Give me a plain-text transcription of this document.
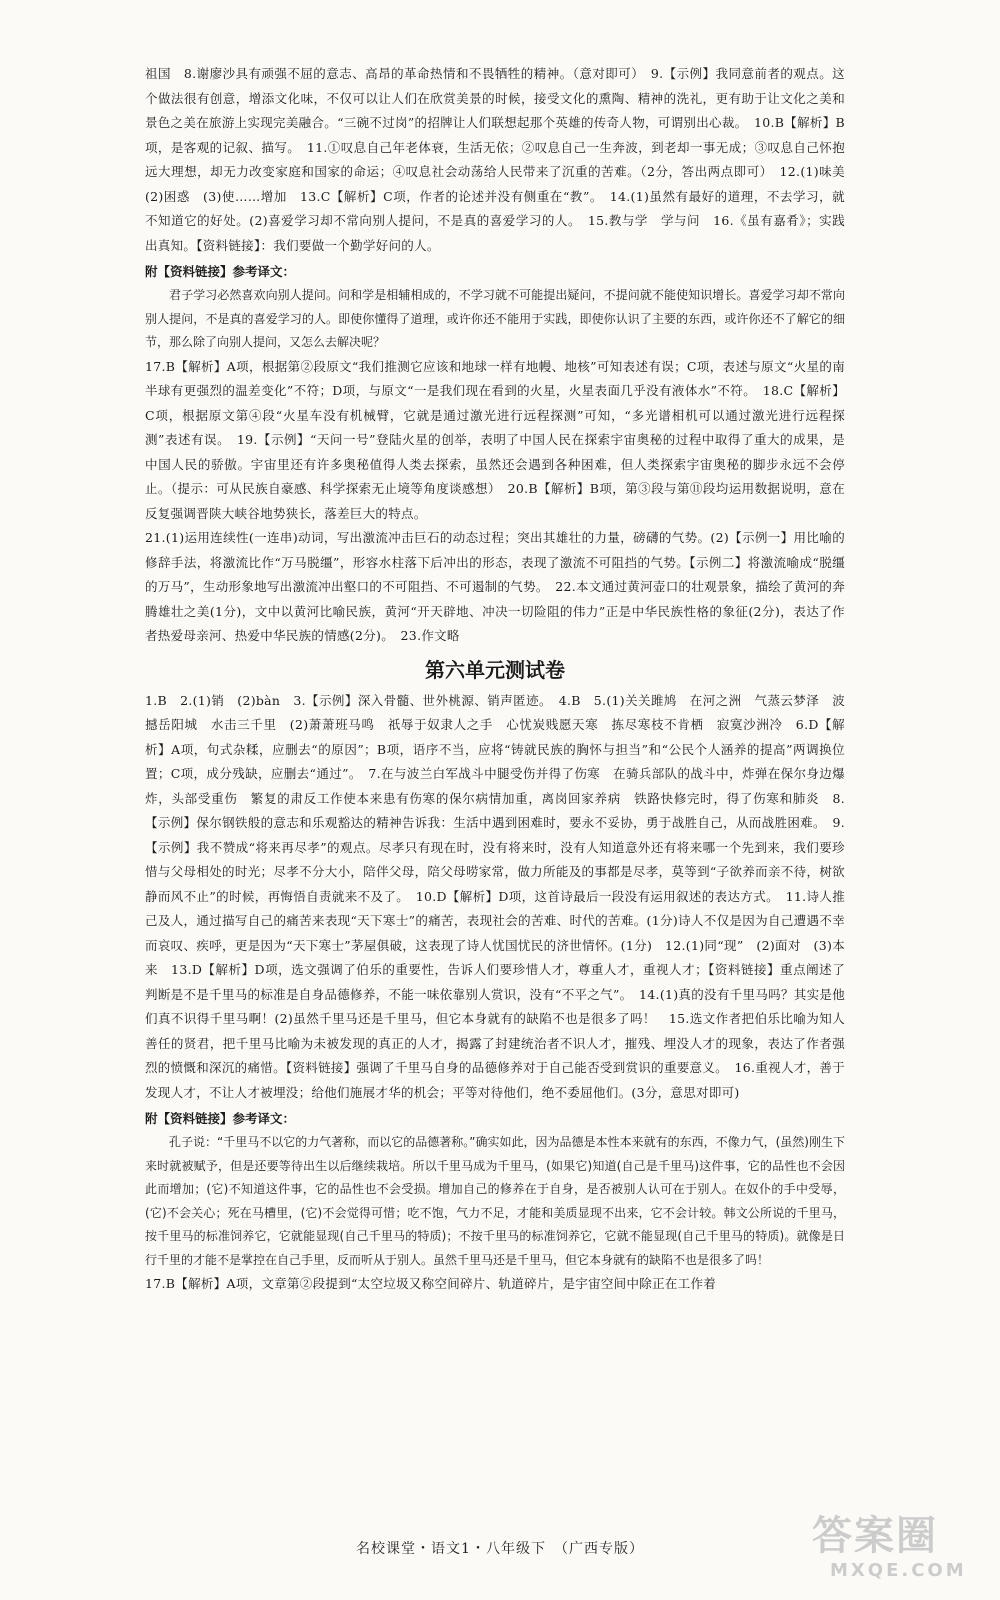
祖国　8.谢廖沙具有顽强不屈的意志、高昂的革命热情和不畏牺牲的精神。（意对即可）　9.【示例】我同意前者的观点。这个做法很有创意，增添文化味，不仅可以让人们在欣赏美景的时候，接受文化的熏陶、精神的洗礼，更有助于让文化之美和景色之美在旅游上实现完美融合。“三碗不过岗”的招牌让人们联想起那个英雄的传奇人物，可谓别出心裁。　10.B【解析】B项，是客观的记叙、描写。　11.①叹息自己年老体衰，生活无依；②叹息自己一生奔波，到老却一事无成；③叹息自己怀抱远大理想，却无力改变家庭和国家的命运；④叹息社会动荡给人民带来了沉重的苦难。（2分，答出两点即可）　12.(1)味美　(2)困惑　(3)使……增加　13.C【解析】C项，作者的论述并没有侧重在“教”。　14.(1)虽然有最好的道理，不去学习，就不知道它的好处。(2)喜爱学习却不常向别人提问，不是真的喜爱学习的人。　15.教与学　学与问　16.《虽有嘉肴》；实践出真知。【资料链接】：我们要做一个勤学好问的人。

附【资料链接】参考译文：

君子学习必然喜欢向别人提问。问和学是相辅相成的，不学习就不可能提出疑问，不提问就不能使知识增长。喜爱学习却不常向别人提问，不是真的喜爱学习的人。即使你懂得了道理，或许你还不能用于实践，即使你认识了主要的东西，或许你还不了解它的细节，那么除了向别人提问，又怎么去解决呢？

17.B【解析】A项，根据第②段原文“我们推测它应该和地球一样有地幔、地核”可知表述有误；C项，表述与原文“火星的南半球有更强烈的温差变化”不符；D项，与原文“一是我们现在看到的火星，火星表面几乎没有液体水”不符。　18.C【解析】C项，根据原文第④段“火星车没有机械臂，它就是通过激光进行远程探测”可知，“多光谱相机可以通过激光进行远程探测”表述有误。　19.【示例】“天问一号”登陆火星的创举，表明了中国人民在探索宇宙奥秘的过程中取得了重大的成果，是中国人民的骄傲。宇宙里还有许多奥秘值得人类去探索，虽然还会遇到各种困难，但人类探索宇宙奥秘的脚步永远不会停止。（提示：可从民族自豪感、科学探索无止境等角度谈感想）　20.B【解析】B项，第③段与第⑪段均运用数据说明，意在反复强调晋陕大峡谷地势狭长，落差巨大的特点。

21.(1)运用连续性(一连串)动词，写出激流冲击巨石的动态过程；突出其雄壮的力量，磅礴的气势。(2)【示例一】用比喻的修辞手法，将激流比作“万马脱缰”，形容水柱落下后冲出的形态，表现了激流不可阻挡的气势。【示例二】将激流喻成“脱缰的万马”，生动形象地写出激流冲出壑口的不可阻挡、不可遏制的气势。　22.本文通过黄河壶口的壮观景象，描绘了黄河的奔腾雄壮之美(1分)，文中以黄河比喻民族，黄河“开天辟地、冲决一切险阻的伟力”正是中华民族性格的象征(2分)，表达了作者热爱母亲河、热爱中华民族的情感(2分)。　23.作文略

第六单元测试卷

1.B　2.(1)销　(2)bàn　3.【示例】深入骨髓、世外桃源、销声匿迹。　4.B　5.(1)关关雎鸠　在河之洲　气蒸云梦泽　波撼岳阳城　水击三千里　(2)萧萧班马鸣　祇辱于奴隶人之手　心忧炭贱愿天寒　拣尽寒枝不肯栖　寂寞沙洲冷　6.D【解析】A项，句式杂糅，应删去“的原因”；B项，语序不当，应将“铸就民族的胸怀与担当”和“公民个人涵养的提高”两调换位置；C项，成分残缺，应删去“通过”。　7.在与波兰白军战斗中腿受伤并得了伤寒　在骑兵部队的战斗中，炸弹在保尔身边爆炸，头部受重伤　繁复的肃反工作使本来患有伤寒的保尔病情加重，离岗回家养病　铁路快修完时，得了伤寒和肺炎　8.【示例】保尔钢铁般的意志和乐观豁达的精神告诉我：生活中遇到困难时，要永不妥协，勇于战胜自己，从而战胜困难。　9.【示例】我不赞成“将来再尽孝”的观点。尽孝只有现在时，没有将来时，没有人知道意外还有将来哪一个先到来，我们要珍惜与父母相处的时光；尽孝不分大小，陪伴父母，陪父母唠家常，做力所能及的事都是尽孝，莫等到“子欲养而亲不待，树欲静而风不止”的时候，再悔悟自责就来不及了。　10.D【解析】D项，这首诗最后一段没有运用叙述的表达方式。　11.诗人推己及人，通过描写自己的痛苦来表现“天下寒士”的痛苦，表现社会的苦难、时代的苦难。(1分)诗人不仅是因为自己遭遇不幸而哀叹、疾呼，更是因为“天下寒士”茅屋俱破，这表现了诗人忧国忧民的济世情怀。(1分)　12.(1)同“现”　(2)面对　(3)本来　13.D【解析】D项，选文强调了伯乐的重要性，告诉人们要珍惜人才，尊重人才，重视人才；【资料链接】重点阐述了判断是不是千里马的标准是自身品德修养，不能一味依靠别人赏识，没有“不平之气”。　14.(1)真的没有千里马吗？其实是他们真不识得千里马啊！(2)虽然千里马还是千里马，但它本身就有的缺陷不也是很多了吗！　15.选文作者把伯乐比喻为知人善任的贤君，把千里马比喻为未被发现的真正的人才，揭露了封建统治者不识人才，摧残、埋没人才的现象，表达了作者强烈的愤慨和深沉的痛惜。【资料链接】强调了千里马自身的品德修养对于自己能否受到赏识的重要意义。　16.重视人才，善于发现人才，不让人才被埋没；给他们施展才华的机会；平等对待他们，绝不委屈他们。(3分，意思对即可)

附【资料链接】参考译文：

孔子说：“千里马不以它的力气著称，而以它的品德著称。”确实如此，因为品德是本性本来就有的东西，不像力气，(虽然)刚生下来时就被赋予，但是还要等待出生以后继续栽培。所以千里马成为千里马，(如果它)知道(自己是千里马)这件事，它的品性也不会因此而增加；(它)不知道这件事，它的品性也不会受损。增加自己的修养在于自身，是否被别人认可在于别人。在奴仆的手中受辱，(它)不会关心；死在马槽里，(它)不会觉得可惜；吃不饱，气力不足，才能和美质显现不出来，它不会计较。韩文公所说的千里马，按千里马的标准饲养它，它就能显现(自己千里马的特质)；不按千里马的标准饲养它，它就不能显现(自己千里马的特质)。就像是日行千里的才能不是掌控在自己手里，反而听从于别人。虽然千里马还是千里马，但它本身就有的缺陷不也是很多了吗！

17.B【解析】A项，文章第②段提到“太空垃圾又称空间碎片、轨道碎片，是宇宙空间中除正在工作着

名校课堂・语文1・八年级下　（广西专版）	答案圈
MXQE.COM
